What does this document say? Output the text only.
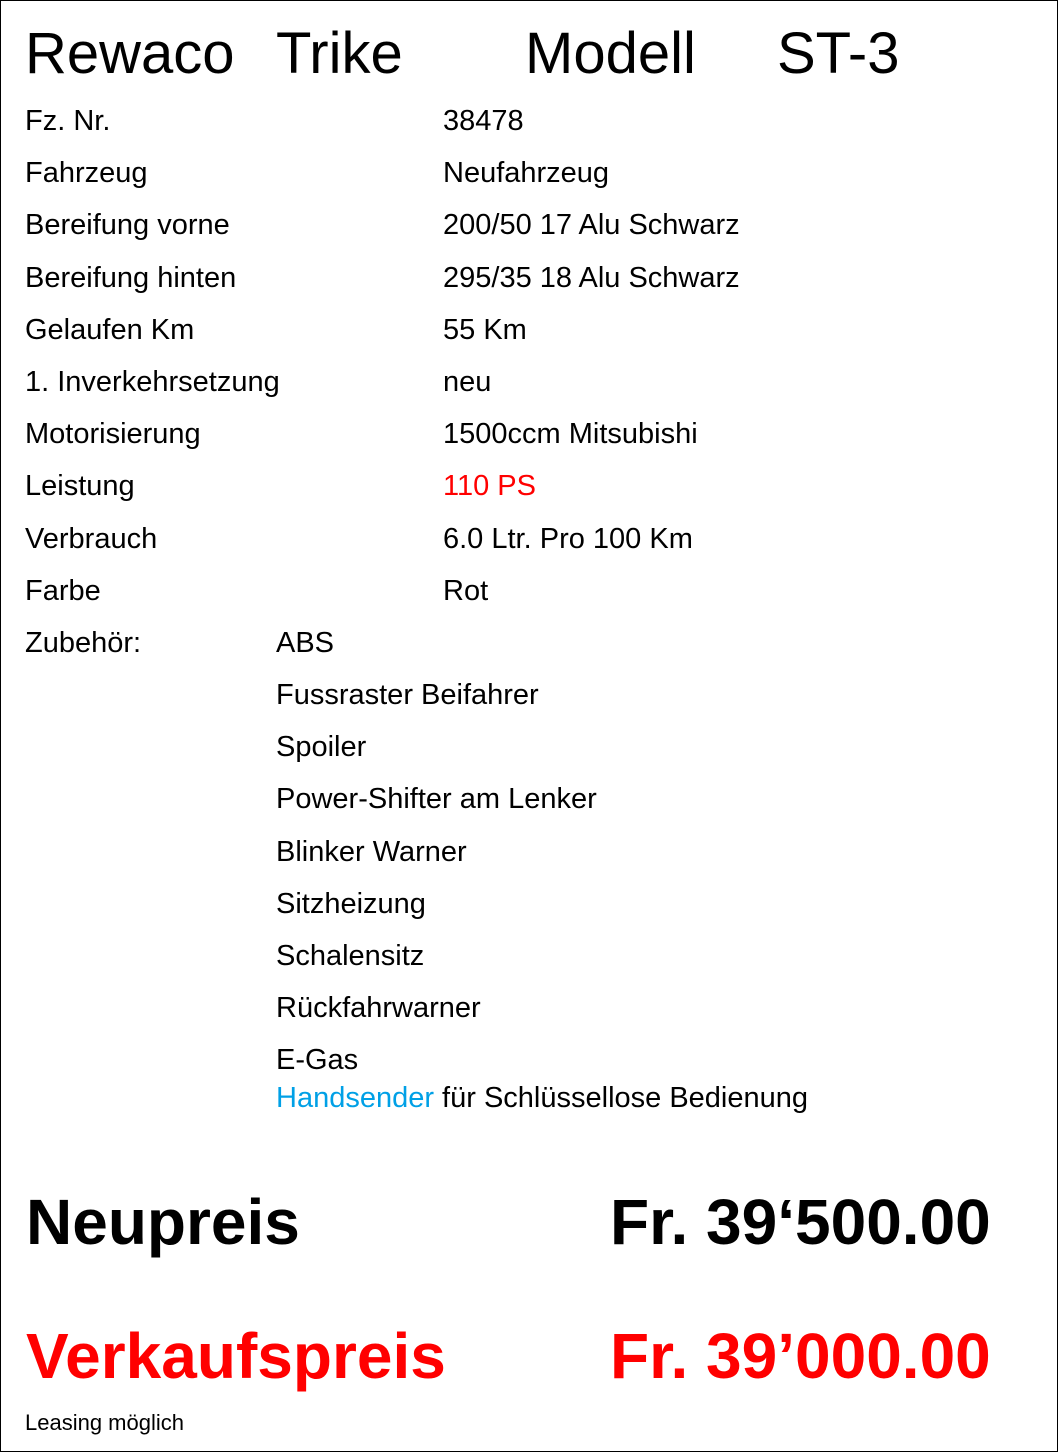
Rewaco Trike Modell ST-3
Fz. Nr.	38478
Fahrzeug	Neufahrzeug
Bereifung vorne	200/50 17 Alu Schwarz
Bereifung hinten	295/35 18 Alu Schwarz
Gelaufen Km	55 Km
1. Inverkehrsetzung	neu
Motorisierung	1500ccm Mitsubishi
Leistung	110 PS
Verbrauch	6.0 Ltr. Pro 100 Km
Farbe	Rot
Zubehör:	ABS
Fussraster Beifahrer
Spoiler
Power-Shifter am Lenker
Blinker Warner
Sitzheizung
Schalensitz
Rückfahrwarner
E-Gas
Handsender für Schlüssellose Bedienung
Neupreis	Fr. 39‘500.00
Verkaufspreis	Fr. 39’000.00
Leasing möglich
